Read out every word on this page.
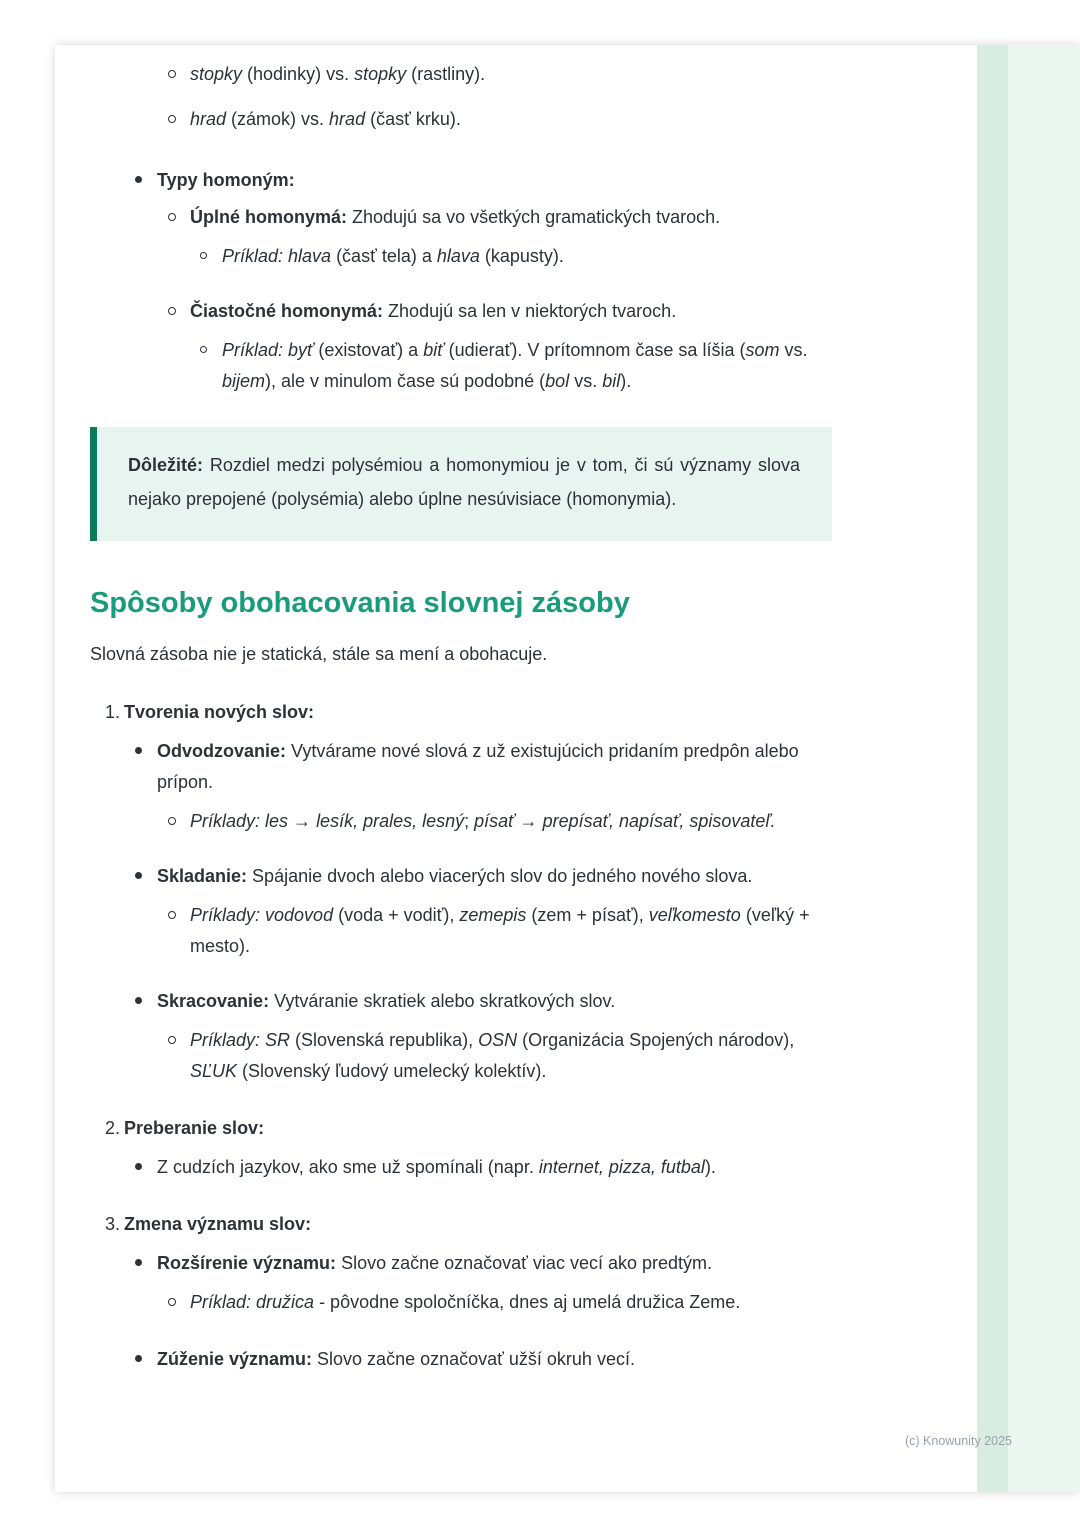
stopky (hodinky) vs. stopky (rastliny).

hrad (zámok) vs. hrad (časť krku).

Typy homoným:

Úplné homonymá: Zhodujú sa vo všetkých gramatických tvaroch.

Príklad: hlava (časť tela) a hlava (kapusty).

Čiastočné homonymá: Zhodujú sa len v niektorých tvaroch.

Príklad: byť (existovať) a biť (udierať). V prítomnom čase sa líšia (som vs. bijem), ale v minulom čase sú podobné (bol vs. bil).

Dôležité: Rozdiel medzi polysémiou a homonymiou je v tom, či sú významy slova nejako prepojené (polysémia) alebo úplne nesúvisiace (homonymia).

Spôsoby obohacovania slovnej zásoby

Slovná zásoba nie je statická, stále sa mení a obohacuje.

1. Tvorenia nových slov:

Odvodzovanie: Vytvárame nové slová z už existujúcich pridaním predpôn alebo prípon.

Príklady: les → lesík, prales, lesný; písať → prepísať, napísať, spisovateľ.

Skladanie: Spájanie dvoch alebo viacerých slov do jedného nového slova.

Príklady: vodovod (voda + vodiť), zemepis (zem + písať), veľkomesto (veľký + mesto).

Skracovanie: Vytváranie skratiek alebo skratkových slov.

Príklady: SR (Slovenská republika), OSN (Organizácia Spojených národov), SĽUK (Slovenský ľudový umelecký kolektív).

2. Preberanie slov:

Z cudzích jazykov, ako sme už spomínali (napr. internet, pizza, futbal).

3. Zmena významu slov:

Rozšírenie významu: Slovo začne označovať viac vecí ako predtým.

Príklad: družica - pôvodne spoločníčka, dnes aj umelá družica Zeme.

Zúženie významu: Slovo začne označovať užší okruh vecí.

(c) Knowunity 2025
